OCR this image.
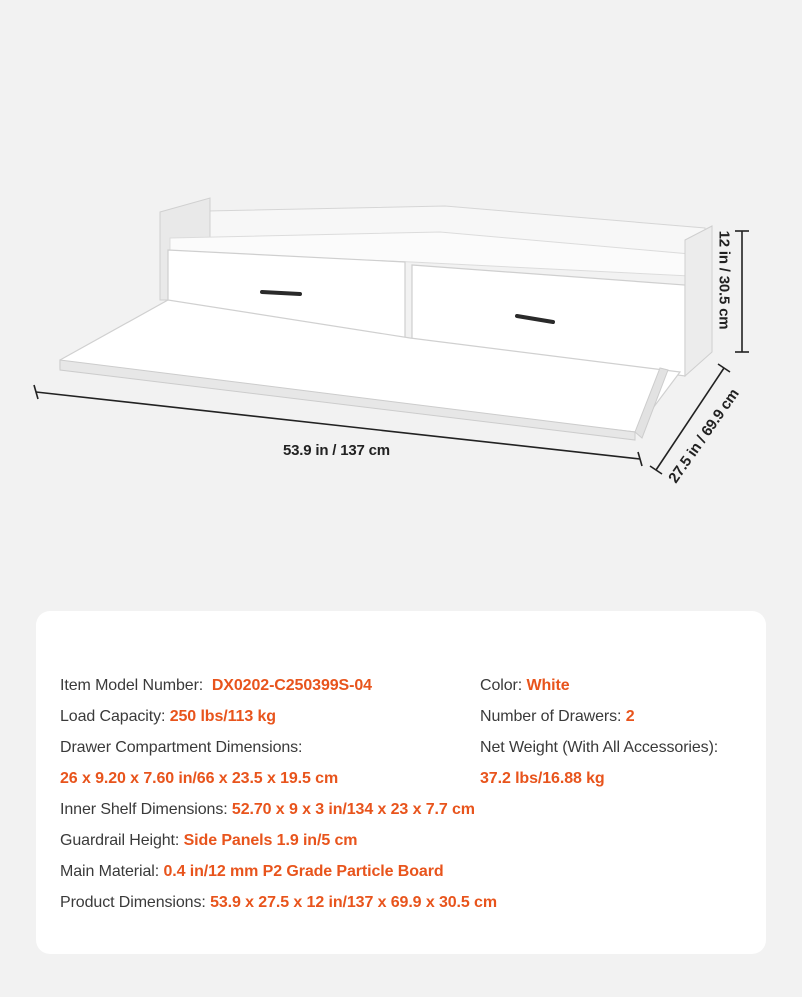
53.9 in / 137 cm
12 in / 30.5 cm
27.5 in / 69.9 cm
Item Model Number: DX0202-C250399S-04	Color: White
Load Capacity: 250 lbs/113 kg	Number of Drawers: 2
Drawer Compartment Dimensions:	Net Weight (With All Accessories):
26 x 9.20 x 7.60 in/66 x 23.5 x 19.5 cm	37.2 lbs/16.88 kg
Inner Shelf Dimensions: 52.70 x 9 x 3 in/134 x 23 x 7.7 cm
Guardrail Height: Side Panels 1.9 in/5 cm
Main Material: 0.4 in/12 mm P2 Grade Particle Board
Product Dimensions: 53.9 x 27.5 x 12 in/137 x 69.9 x 30.5 cm
